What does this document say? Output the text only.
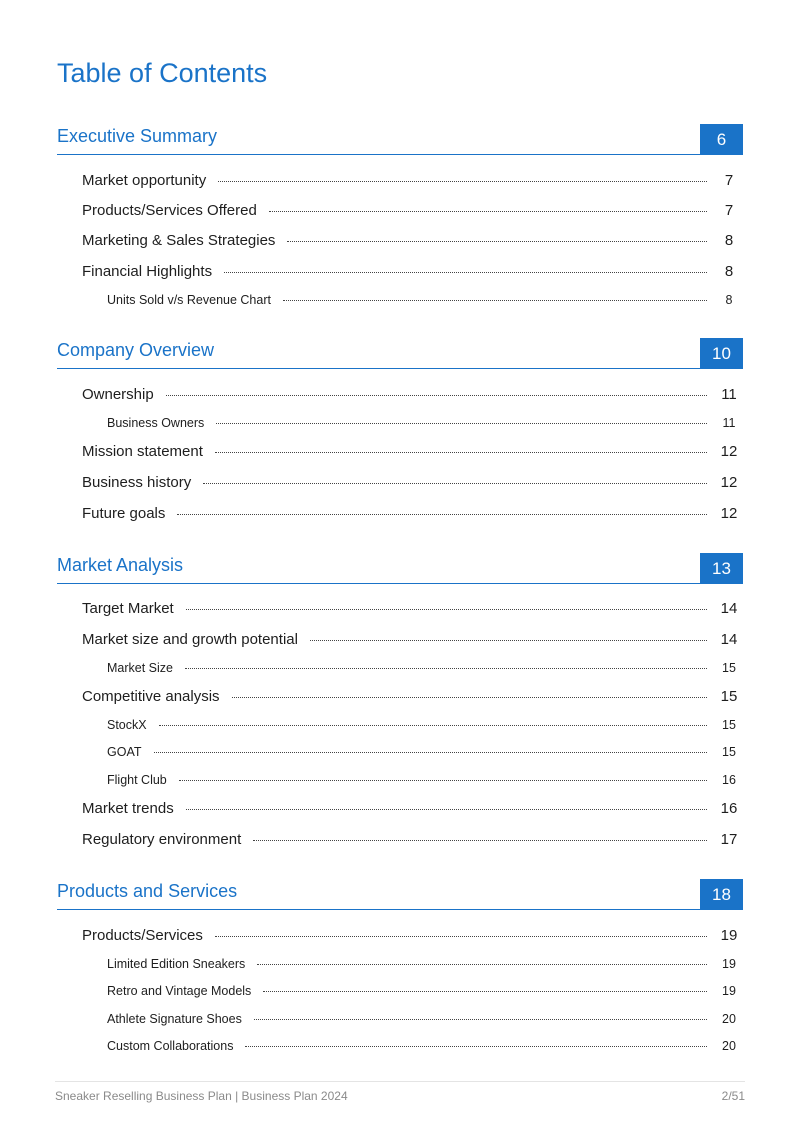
Table of Contents
Executive Summary	6
Market opportunity	7
Products/Services Offered	7
Marketing & Sales Strategies	8
Financial Highlights	8
Units Sold v/s Revenue Chart	8
Company Overview	10
Ownership	11
Business Owners	11
Mission statement	12
Business history	12
Future goals	12
Market Analysis	13
Target Market	14
Market size and growth potential	14
Market Size	15
Competitive analysis	15
StockX	15
GOAT	15
Flight Club	16
Market trends	16
Regulatory environment	17
Products and Services	18
Products/Services	19
Limited Edition Sneakers	19
Retro and Vintage Models	19
Athlete Signature Shoes	20
Custom Collaborations	20
Sneaker Reselling Business Plan | Business Plan 2024	2/51
